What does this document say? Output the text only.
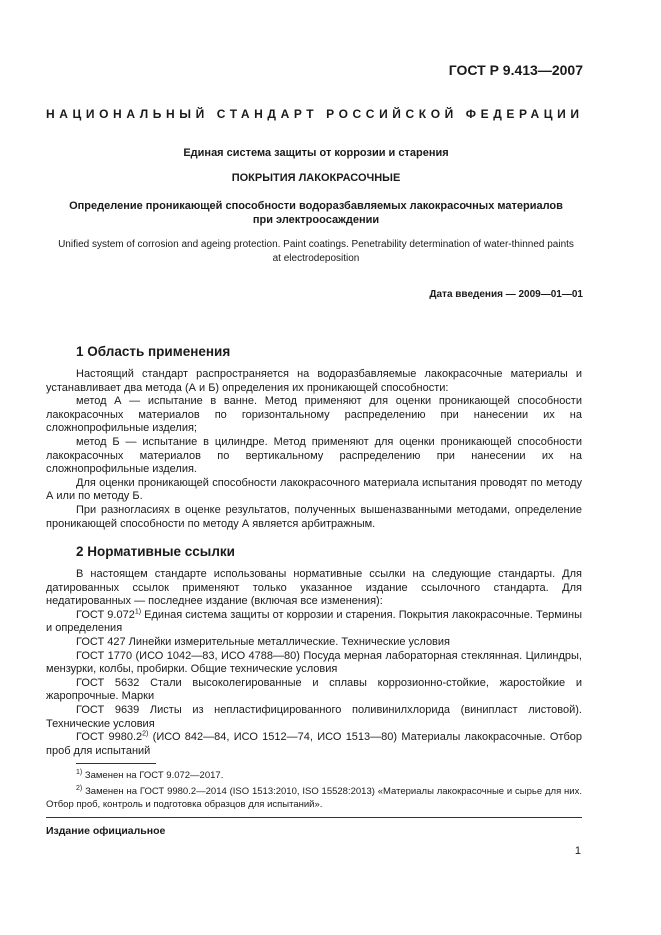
ГОСТ Р 9.413—2007
НАЦИОНАЛЬНЫЙ СТАНДАРТ РОССИЙСКОЙ ФЕДЕРАЦИИ
Единая система защиты от коррозии и старения
ПОКРЫТИЯ ЛАКОКРАСОЧНЫЕ
Определение проникающей способности водоразбавляемых лакокрасочных материалов
при электроосаждении
Unified system of corrosion and ageing protection. Paint coatings. Penetrability determination of water-thinned paints
at electrodeposition
Дата введения — 2009—01—01
1 Область применения

Настоящий стандарт распространяется на водоразбавляемые лакокрасочные материалы и устанавливает два метода (А и Б) определения их проникающей способности:

метод А — испытание в ванне. Метод применяют для оценки проникающей способности лакокрасочных материалов по горизонтальному распределению при нанесении их на сложнопрофильные изделия;

метод Б — испытание в цилиндре. Метод применяют для оценки проникающей способности лакокрасочных материалов по вертикальному распределению при нанесении их на сложнопрофильные изделия.

Для оценки проникающей способности лакокрасочного материала испытания проводят по методу А или по методу Б.

При разногласиях в оценке результатов, полученных вышеназванными методами, определение проникающей способности по методу А является арбитражным.

2 Нормативные ссылки

В настоящем стандарте использованы нормативные ссылки на следующие стандарты. Для датированных ссылок применяют только указанное издание ссылочного стандарта. Для недатированных — последнее издание (включая все изменения):

ГОСТ 9.072$^{1)}$ Единая система защиты от коррозии и старения. Покрытия лакокрасочные. Термины и определения

ГОСТ 427 Линейки измерительные металлические. Технические условия

ГОСТ 1770 (ИСО 1042—83, ИСО 4788—80) Посуда мерная лабораторная стеклянная. Цилиндры, мензурки, колбы, пробирки. Общие технические условия

ГОСТ 5632 Стали высоколегированные и сплавы коррозионно-стойкие, жаростойкие и жаропрочные. Марки

ГОСТ 9639 Листы из непластифицированного поливинилхлорида (винипласт листовой). Технические условия

ГОСТ 9980.2$^{2)}$ (ИСО 842—84, ИСО 1512—74, ИСО 1513—80) Материалы лакокрасочные. Отбор проб для испытаний

$^{1)}$ Заменен на ГОСТ 9.072—2017.

$^{2)}$ Заменен на ГОСТ 9980.2—2014 (ISO 1513:2010, ISO 15528:2013) «Материалы лакокрасочные и сырье для них. Отбор проб, контроль и подготовка образцов для испытаний».

Издание официальное
1
